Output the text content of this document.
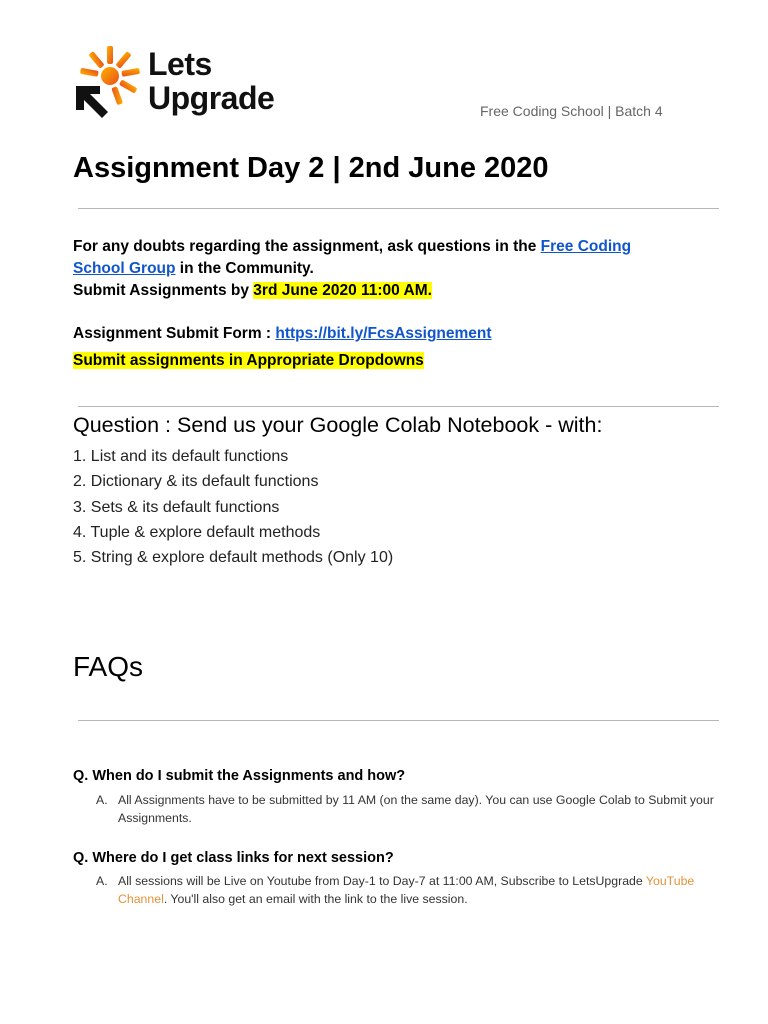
Lets
Upgrade	Free Coding School | Batch 4
Assignment Day 2 | 2nd June 2020
For any doubts regarding the assignment, ask questions in the Free Coding
School Group in the Community.
Submit Assignments by 3rd June 2020 11:00 AM.
Assignment Submit Form : https://bit.ly/FcsAssignement
Submit assignments in Appropriate Dropdowns
Question : Send us your Google Colab Notebook - with:
1. List and its default functions
2. Dictionary & its default functions
3. Sets & its default functions
4. Tuple & explore default methods
5. String & explore default methods (Only 10)
FAQs
Q. When do I submit the Assignments and how?
A. All Assignments have to be submitted by 11 AM (on the same day). You can use Google Colab to Submit your Assignments.
Q. Where do I get class links for next session?
A. All sessions will be Live on Youtube from Day-1 to Day-7 at 11:00 AM, Subscribe to LetsUpgrade YouTube Channel. You'll also get an email with the link to the live session.
